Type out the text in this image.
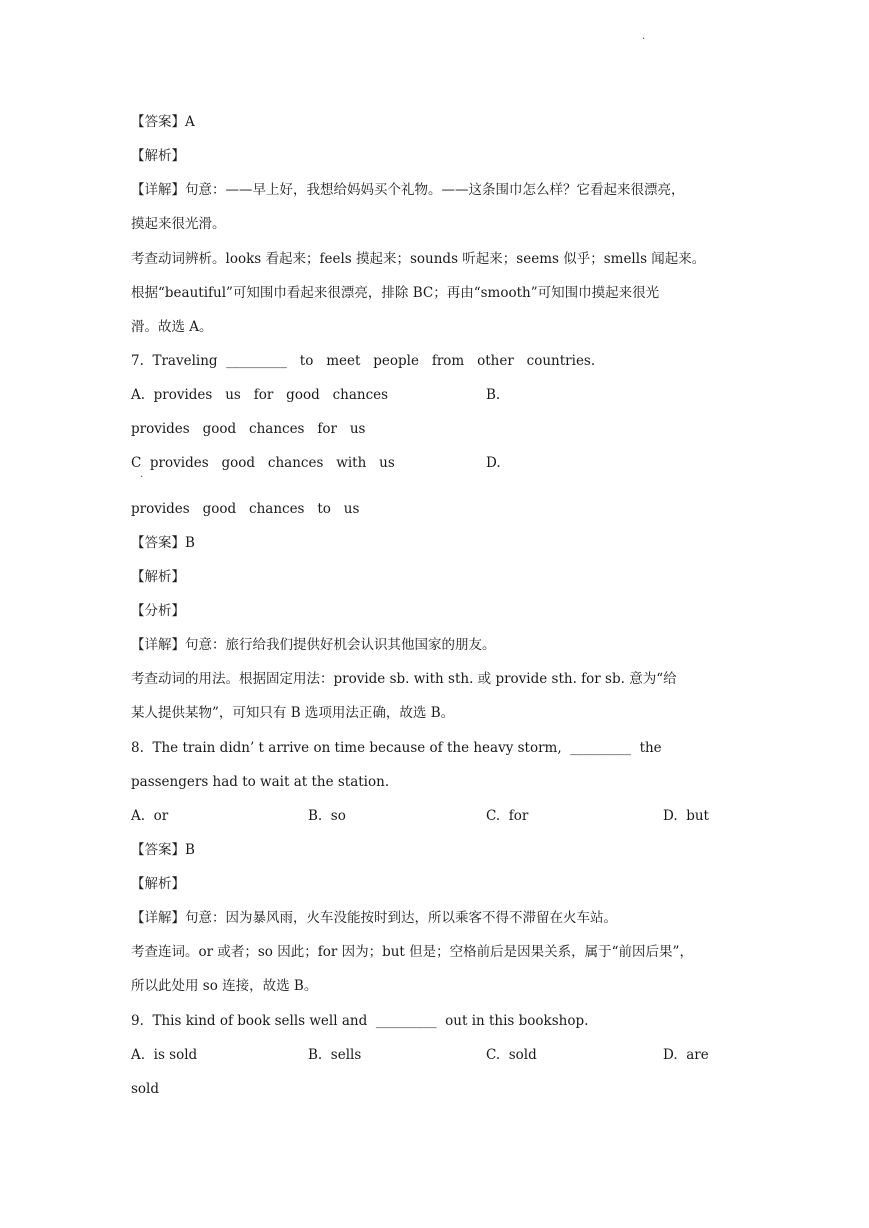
·
【答案】A
【解析】
【详解】句意：——早上好，我想给妈妈买个礼物。——这条围巾怎么样？它看起来很漂亮，
摸起来很光滑。
考查动词辨析。looks 看起来；feels 摸起来；sounds 听起来；seems 似乎；smells 闻起来。
根据“beautiful”可知围巾看起来很漂亮，排除 BC；再由“smooth”可知围巾摸起来很光
滑。故选 A。
7.  Traveling  _________   to   meet   people   from   other   countries.
A.  provides   us   for   good   chances	B.
provides   good   chances   for   us
C  provides   good   chances   with   us
·
D.
provides   good   chances   to   us
【答案】B
【解析】
【分析】
【详解】句意：旅行给我们提供好机会认识其他国家的朋友。
考查动词的用法。根据固定用法：provide sb. with sth. 或 provide sth. for sb. 意为“给
某人提供某物”，可知只有 B 选项用法正确，故选 B。
8.  The train didn’ t arrive on time because of the heavy storm,  _________  the
passengers had to wait at the station.
A.  or	B.  so	C.  for	D.  but
【答案】B
【解析】
【详解】句意：因为暴风雨，火车没能按时到达，所以乘客不得不滞留在火车站。
考查连词。or 或者；so 因此；for 因为；but 但是；空格前后是因果关系，属于“前因后果”，
所以此处用 so 连接，故选 B。
9.  This kind of book sells well and  _________  out in this bookshop.
A.  is sold	B.  sells	C.  sold	D.  are
sold
